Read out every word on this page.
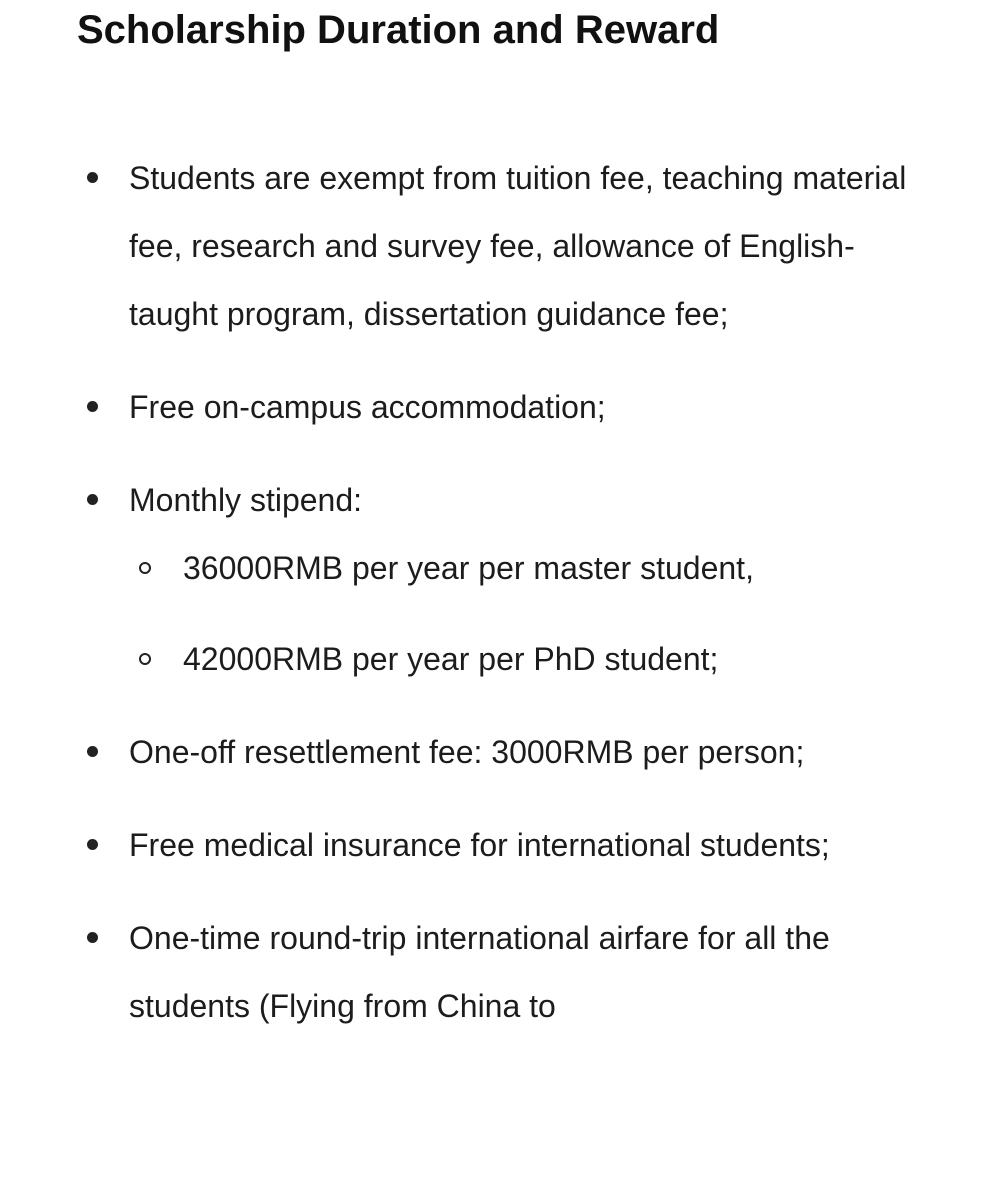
Scholarship Duration and Reward
Students are exempt from tuition fee, teaching material fee, research and survey fee, allowance of English-taught program, dissertation guidance fee;
Free on-campus accommodation;
Monthly stipend:
36000RMB per year per master student,
42000RMB per year per PhD student;
One-off resettlement fee: 3000RMB per person;
Free medical insurance for international students;
One-time round-trip international airfare for all the students (Flying from China to
